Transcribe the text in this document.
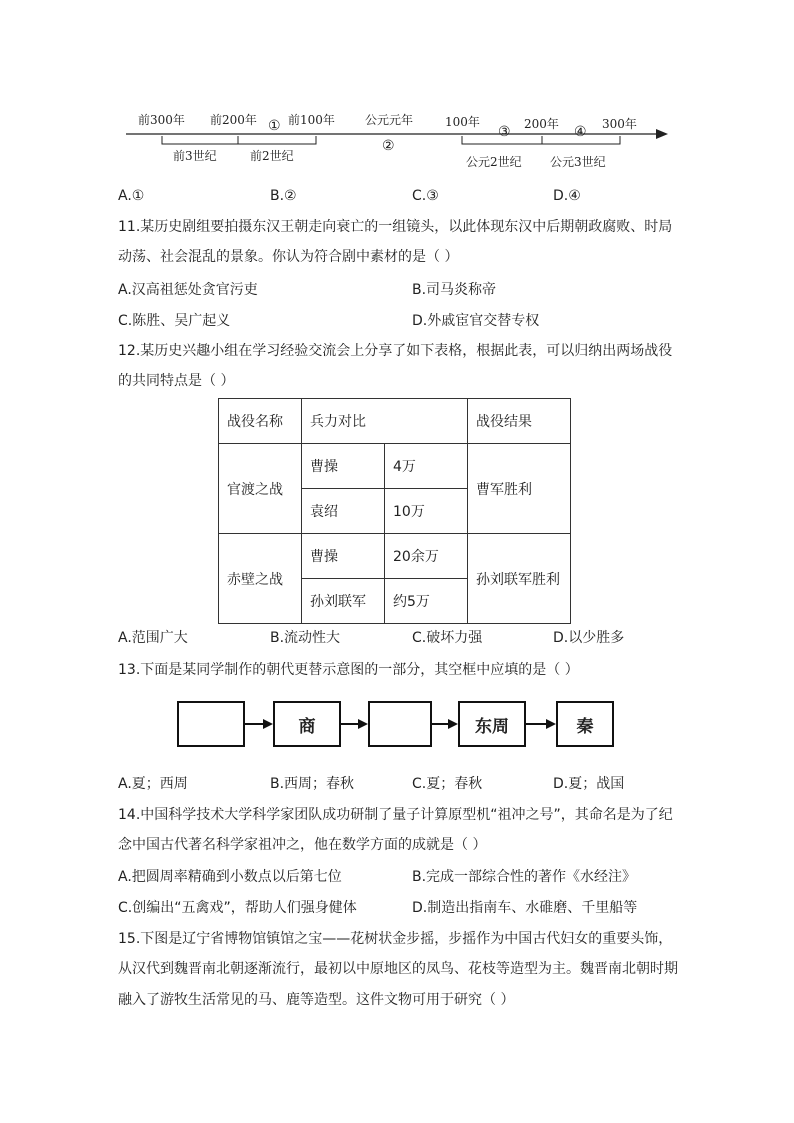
前300年 前200年	前100年	公元元年	100年	200年	300年
①
②
③	④
前3世纪	前2世纪	公元2世纪 公元3世纪
A.①	B.②	C.③	D.④
11.某历史剧组要拍摄东汉王朝走向衰亡的一组镜头，以此体现东汉中后期朝政腐败、时局
动荡、社会混乱的景象。你认为符合剧中素材的是（ ）
A.汉高祖惩处贪官污吏	B.司马炎称帝
C.陈胜、吴广起义	D.外戚宦官交替专权
12.某历史兴趣小组在学习经验交流会上分享了如下表格，根据此表，可以归纳出两场战役
的共同特点是（ ）
战役名称	兵力对比		战役结果
官渡之战	曹操	4万	曹军胜利
	袁绍	10万	
赤壁之战	曹操	20余万	孙刘联军胜利
	孙刘联军	约5万	
A.范围广大	B.流动性大	C.破坏力强	D.以少胜多
13.下面是某同学制作的朝代更替示意图的一部分，其空框中应填的是（ ）
商	东周	秦
A.夏；西周	B.西周；春秋	C.夏；春秋	D.夏；战国
14.中国科学技术大学科学家团队成功研制了量子计算原型机“祖冲之号”，其命名是为了纪
念中国古代著名科学家祖冲之，他在数学方面的成就是（ ）
A.把圆周率精确到小数点以后第七位	B.完成一部综合性的著作《水经注》
C.创编出“五禽戏”，帮助人们强身健体	D.制造出指南车、水碓磨、千里船等
15.下图是辽宁省博物馆镇馆之宝——花树状金步摇，步摇作为中国古代妇女的重要头饰，
从汉代到魏晋南北朝逐渐流行，最初以中原地区的凤鸟、花枝等造型为主。魏晋南北朝时期
融入了游牧生活常见的马、鹿等造型。这件文物可用于研究（ ）
